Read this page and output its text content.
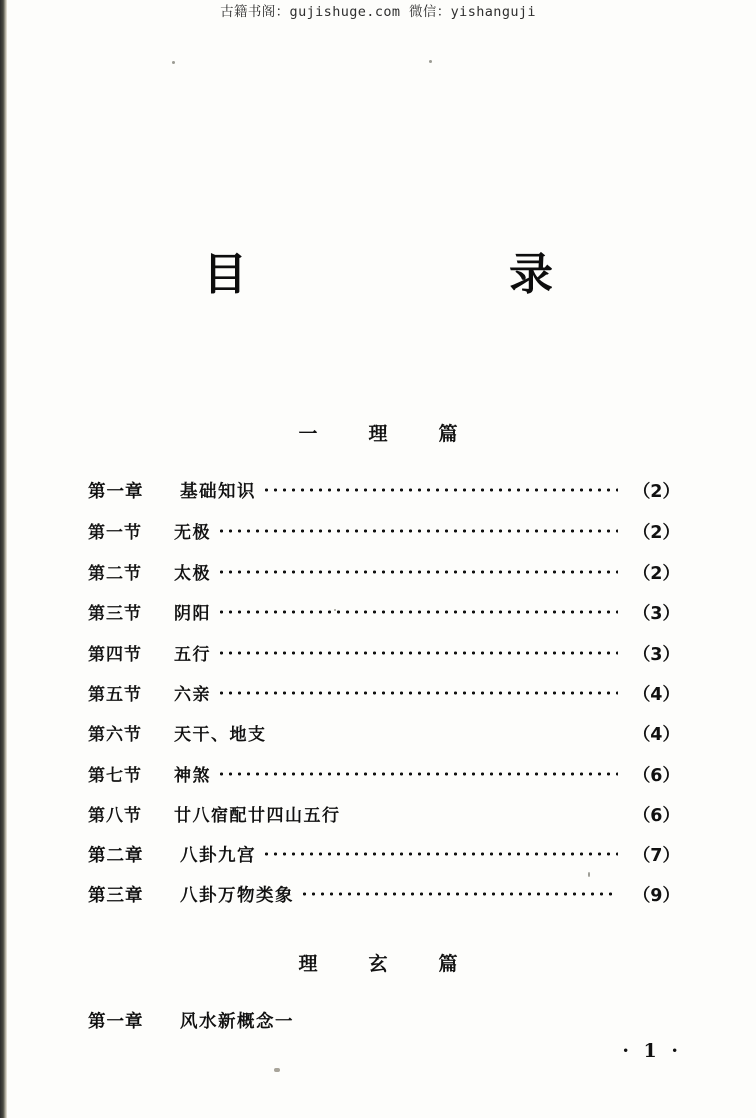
古籍书阁：gujishuge.com 微信：yishanguji
目　　录
一　理　篇
第一章	基础知识	（2）
第一节	无极	（2）
第二节	太极	（2）
第三节	阴阳	（3）
第四节	五行	（3）
第五节	六亲	（4）
第六节	天干、地支	（4）
第七节	神煞	（6）
第八节	廿八宿配廿四山五行	（6）
第二章	八卦九宫	（7）
第三章	八卦万物类象	（9）
理　玄　篇
第一章	风水新概念一
· 1 ·
